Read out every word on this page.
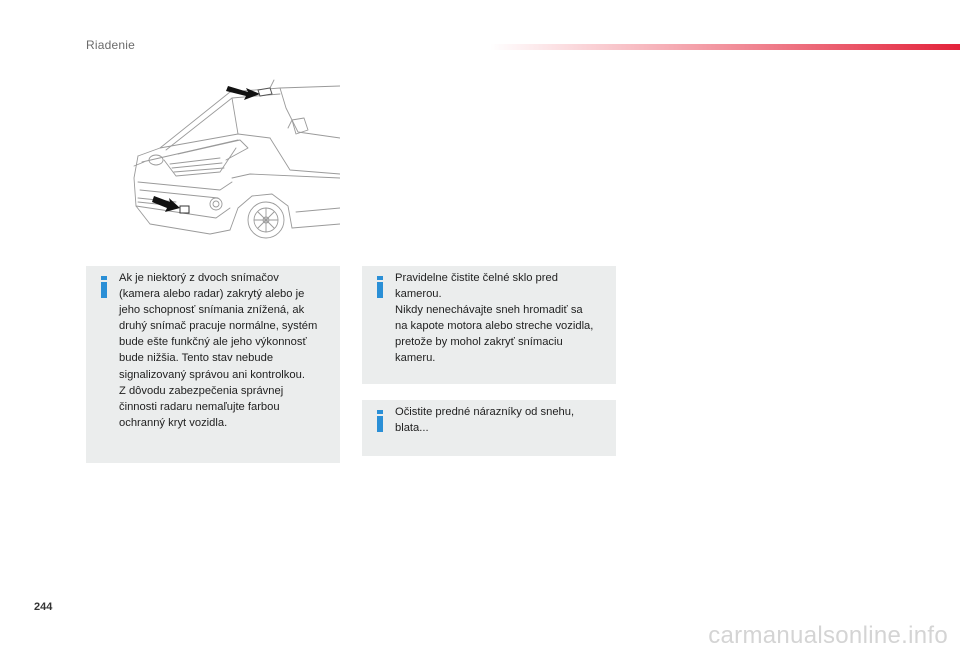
Riadenie
Ak je niektorý z dvoch snímačov
(kamera alebo radar) zakrytý alebo je
jeho schopnosť snímania znížená, ak
druhý snímač pracuje normálne, systém
bude ešte funkčný ale jeho výkonnosť
bude nižšia. Tento stav nebude
signalizovaný správou ani kontrolkou.
Z dôvodu zabezpečenia správnej
činnosti radaru nemaľujte farbou
ochranný kryt vozidla.
Pravidelne čistite čelné sklo pred
kamerou.
Nikdy nenechávajte sneh hromadiť sa
na kapote motora alebo streche vozidla,
pretože by mohol zakryť snímaciu
kameru.
Očistite predné nárazníky od snehu,
blata...
244
carmanualsonline.info
